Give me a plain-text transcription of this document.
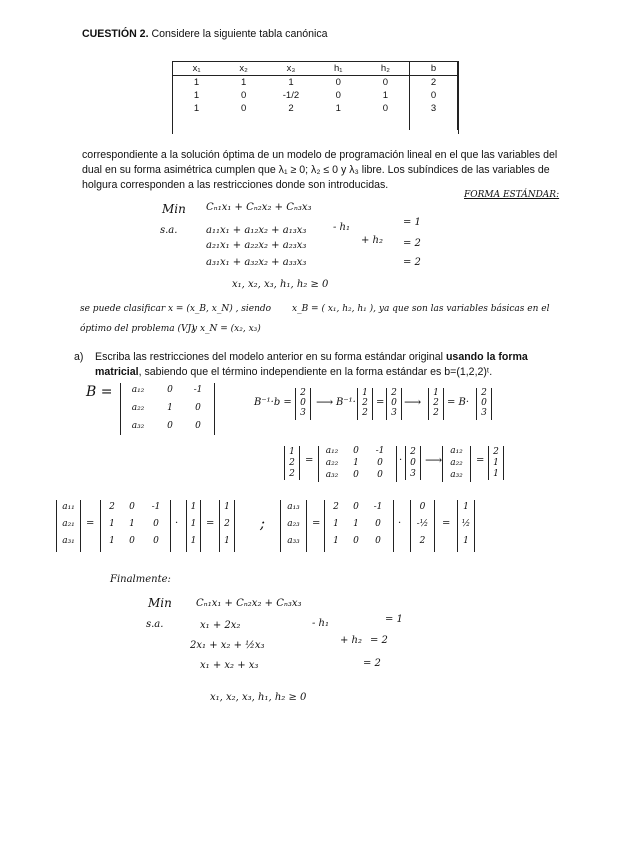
CUESTIÓN 2. Considere la siguiente tabla canónica
x₁	x₂	x₃	h₁	h₂	b
1	1	1	0	0	2
1	0	-1/2	0	1	0
1	0	2	1	0	3

correspondiente a la solución óptima de un modelo de programación lineal en el que las variables del
dual en su forma asimétrica cumplen que λ₁ ≥ 0; λ₂ ≤ 0 y λ₃ libre. Los subíndices de las variables de
holgura corresponden a las restricciones donde son introducidas.
FORMA ESTÁNDAR:
Min Cₙ₁x₁ + Cₙ₂x₂ + Cₙ₃x₃
s.a.	a₁₁x₁ + a₁₂x₂ + a₁₃x₃	- h₁	= 1
a₂₁x₁ + a₂₂x₂ + a₂₃x₃	+ h₂ = 2
a₃₁x₁ + a₃₂x₂ + a₃₃x₃	= 2
x₁, x₂, x₃, h₁, h₂ ≥ 0
se puede clasificar x = (x_B, x_N) , siendo x_B = ( x₁, h₂, h₁ ), ya que son las variables básicas en el
óptimo del problema (VJ)
y x_N = (x₂, x₃)
a) Escriba las restricciones del modelo anterior en su forma estándar original usando la forma
matricial, sabiendo que el término independiente en la forma estándar es b=(1,2,2)ᵗ.
B =	a₁₂	0	-1
a₂₂	1	0
a₃₂	0	0
B⁻¹·b =
2
0
3
⟶ B⁻¹·
1
2
2
=
2
0
3
⟶
1
2
2
= B·
2
0
3
1
2
2
=
a₁₂	0	-1
a₂₂	1	0
a₃₂	0	0
·
2
0
3
⟶
a₁₂
a₂₂
a₃₂
=
2
1
1
a₁₁
a₂₁
a₃₁
=
2	0	-1
1	1	0
1	0	0
·
1
1
1
=
1
2
1
;
a₁₃
a₂₃
a₃₃
=
2	0	-1
1	1	0
1	0	0
·
0
-½
2
=
1
½
1
Finalmente:
Min Cₙ₁x₁ + Cₙ₂x₂ + Cₙ₃x₃
s.a.	x₁ + 2x₂	- h₁	= 1
2x₁ + x₂ + ½x₃	+ h₂ = 2
x₁ + x₂ + x₃	= 2
x₁, x₂, x₃, h₁, h₂ ≥ 0
